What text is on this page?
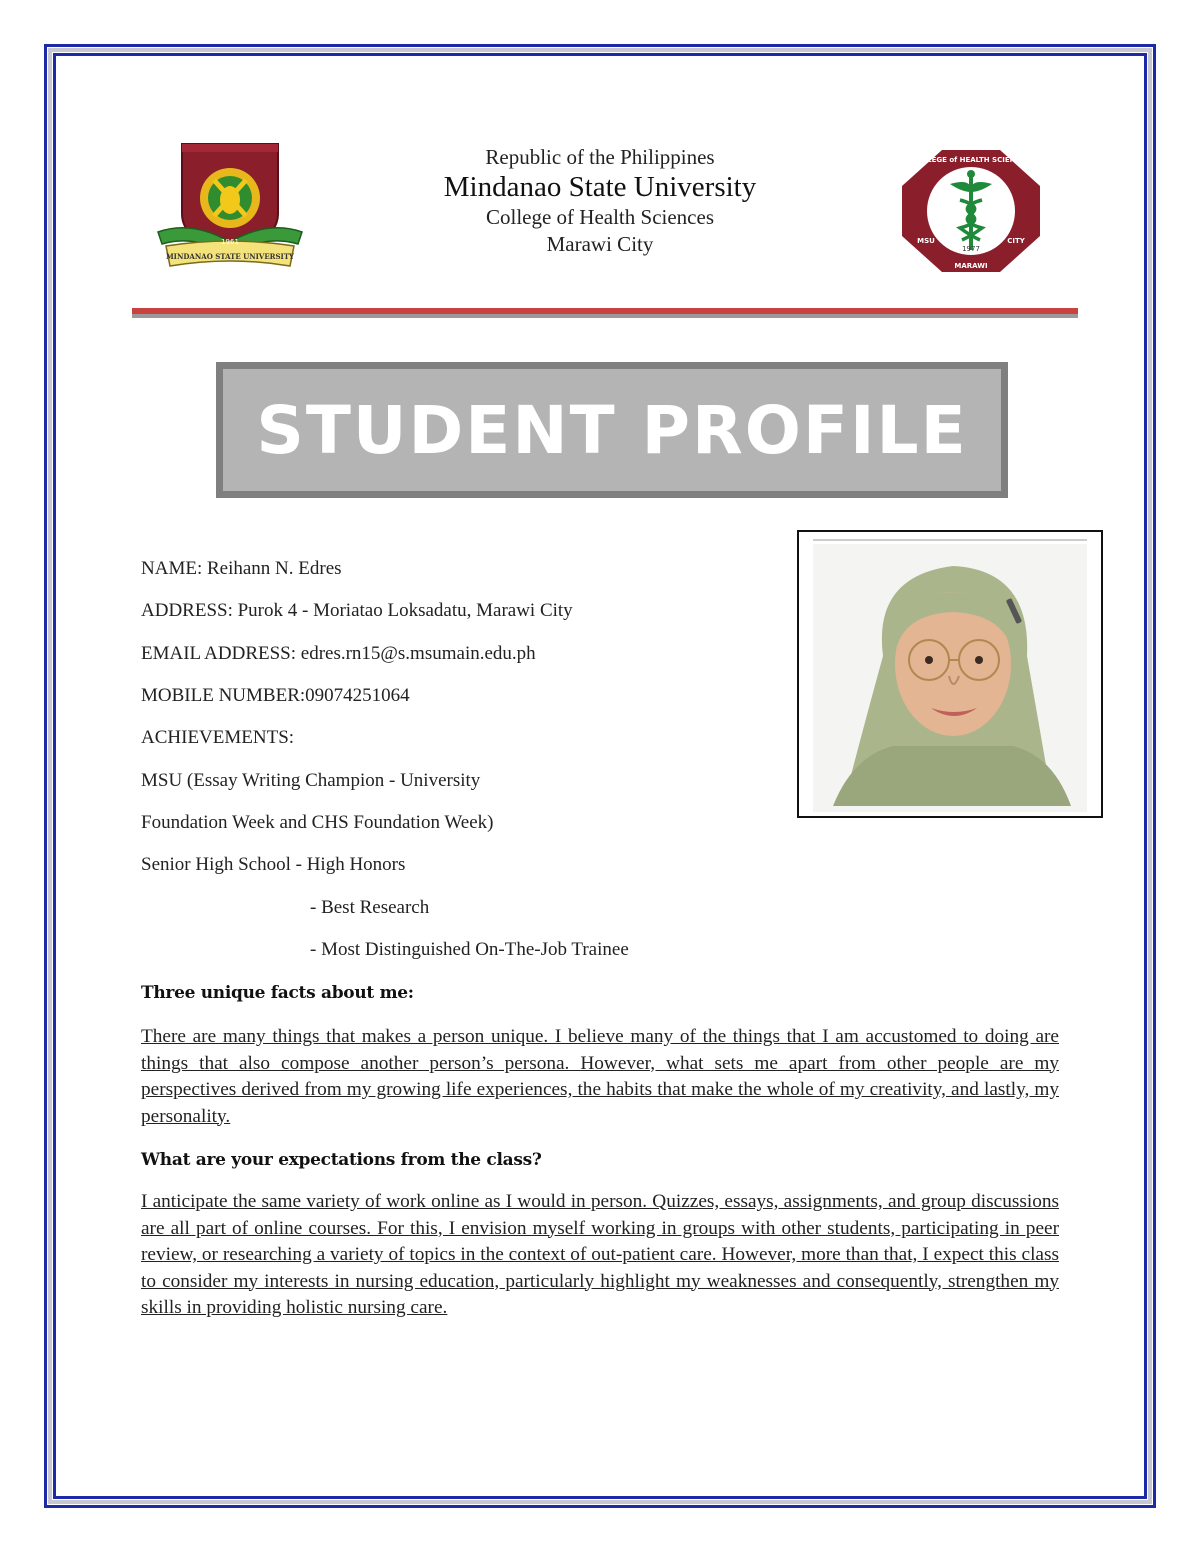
1961
MINDANAO STATE UNIVERSITY
Republic of the Philippines
Mindanao State University
College of Health Sciences
Marawi City
COLLEGE of HEALTH SCIENCES
MSU
1977
MARAWI
CITY
STUDENT PROFILE
NAME: Reihann N. Edres
ADDRESS: Purok 4 - Moriatao Loksadatu, Marawi City
EMAIL ADDRESS: edres.rn15@s.msumain.edu.ph
MOBILE NUMBER:09074251064
ACHIEVEMENTS:
MSU (Essay Writing Champion - University
Foundation Week and CHS Foundation Week)
Senior High School - High Honors
- Best Research
- Most Distinguished On-The-Job Trainee
Three unique facts about me:
There are many things that makes a person unique. I believe many of the things that I am accustomed to doing are things that also compose another person’s persona. However, what sets me apart from other people are my perspectives derived from my growing life experiences, the habits that make the whole of my creativity, and lastly, my personality.
What are your expectations from the class?
I anticipate the same variety of work online as I would in person. Quizzes, essays, assignments, and group discussions are all part of online courses. For this, I envision myself working in groups with other students, participating in peer review, or researching a variety of topics in the context of out-patient care. However, more than that, I expect this class to consider my interests in nursing education, particularly highlight my weaknesses and consequently, strengthen my skills in providing holistic nursing care.
